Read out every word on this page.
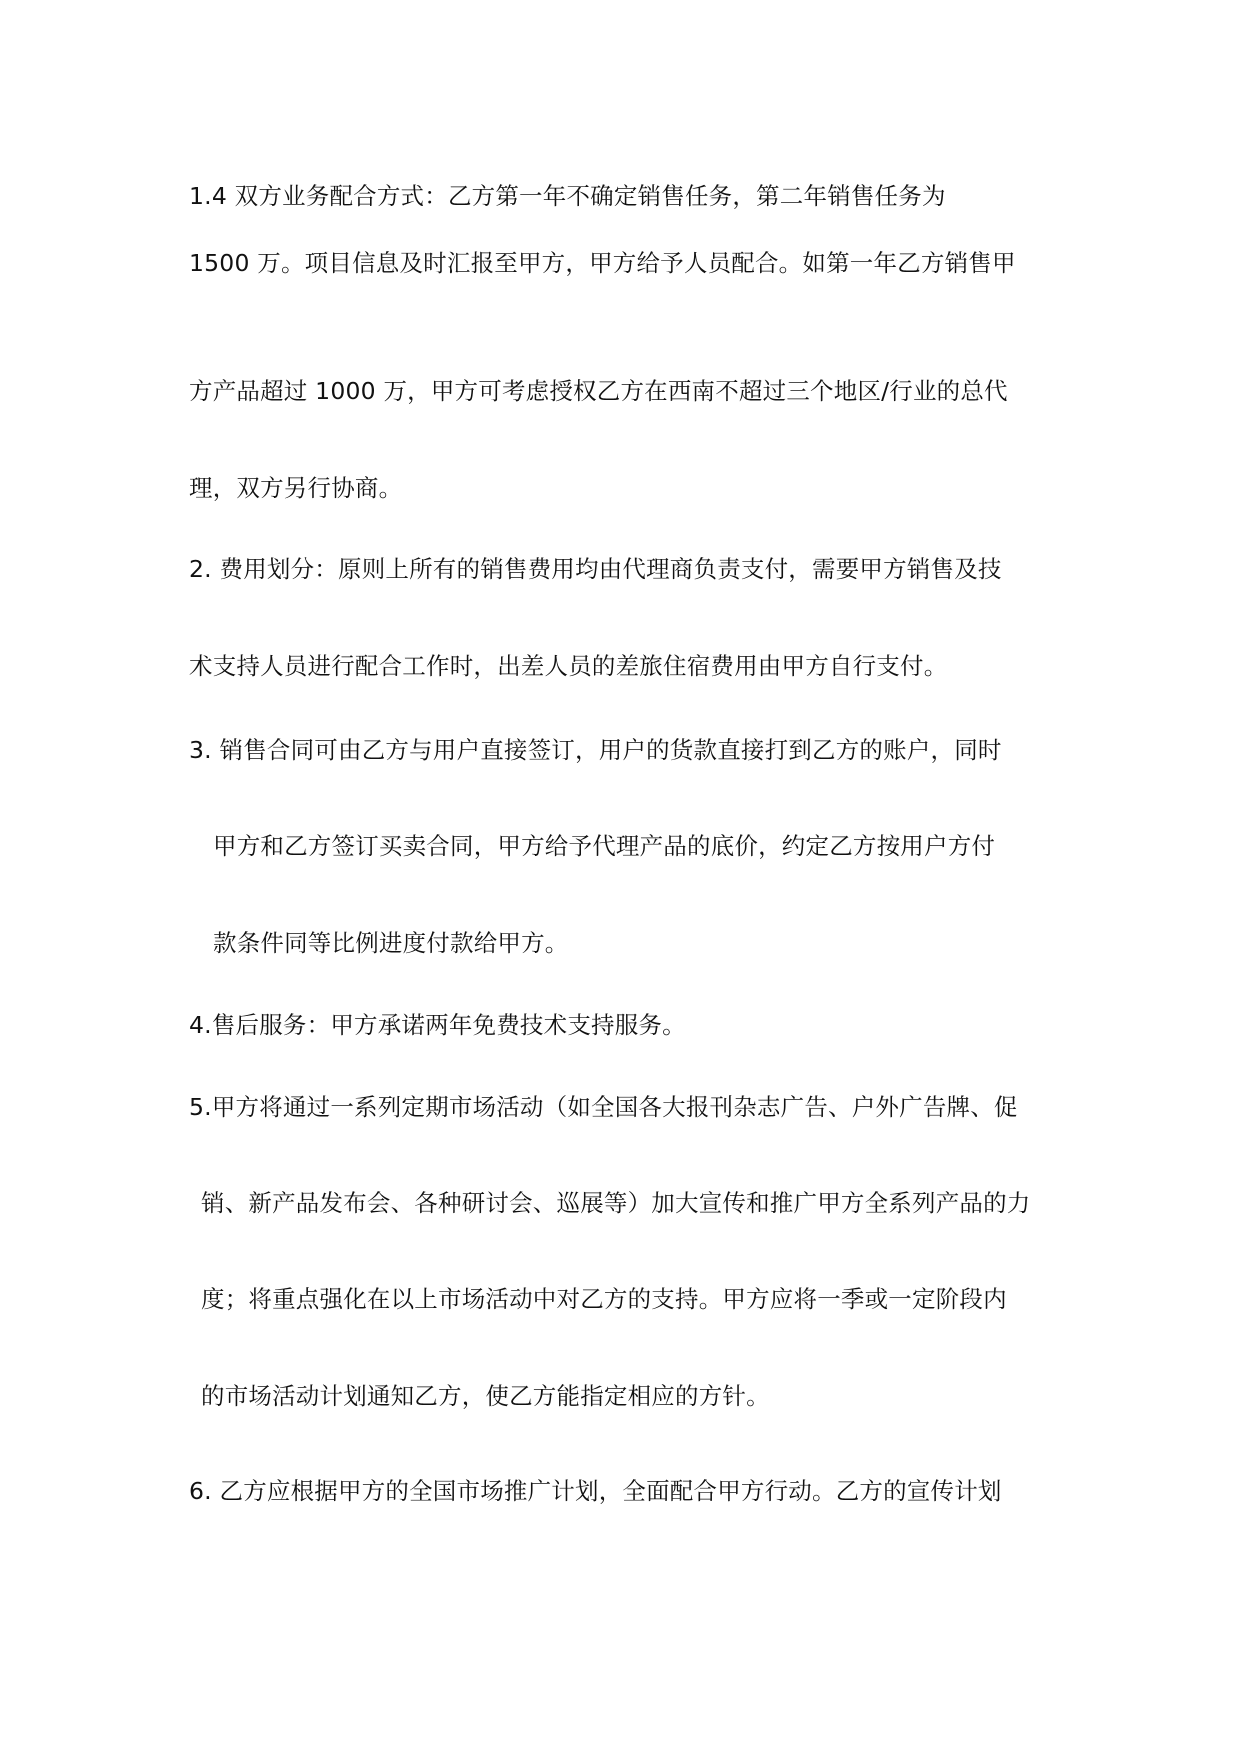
1.4 双方业务配合方式：乙方第一年不确定销售任务，第二年销售任务为
1500 万。项目信息及时汇报至甲方，甲方给予人员配合。如第一年乙方销售甲
方产品超过 1000 万，甲方可考虑授权乙方在西南不超过三个地区/行业的总代
理，双方另行协商。
2. 费用划分：原则上所有的销售费用均由代理商负责支付，需要甲方销售及技
术支持人员进行配合工作时，出差人员的差旅住宿费用由甲方自行支付。
3. 销售合同可由乙方与用户直接签订，用户的货款直接打到乙方的账户，同时
甲方和乙方签订买卖合同，甲方给予代理产品的底价，约定乙方按用户方付
款条件同等比例进度付款给甲方。
4.售后服务：甲方承诺两年免费技术支持服务。
5.甲方将通过一系列定期市场活动（如全国各大报刊杂志广告、户外广告牌、促
销、新产品发布会、各种研讨会、巡展等）加大宣传和推广甲方全系列产品的力
度；将重点强化在以上市场活动中对乙方的支持。甲方应将一季或一定阶段内
的市场活动计划通知乙方，使乙方能指定相应的方针。
6. 乙方应根据甲方的全国市场推广计划，全面配合甲方行动。乙方的宣传计划
